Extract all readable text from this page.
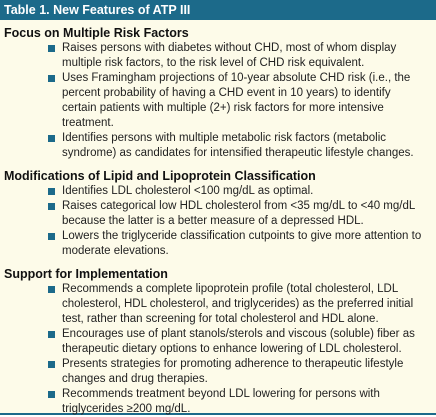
Table 1. New Features of ATP III
Focus on Multiple Risk Factors
Raises persons with diabetes without CHD, most of whom display multiple risk factors, to the risk level of CHD risk equivalent.
Uses Framingham projections of 10-year absolute CHD risk (i.e., the percent probability of having a CHD event in 10 years) to identify certain patients with multiple (2+) risk factors for more intensive treatment.
Identifies persons with multiple metabolic risk factors (metabolic syndrome) as candidates for intensified therapeutic lifestyle changes.
Modifications of Lipid and Lipoprotein Classification
Identifies LDL cholesterol <100 mg/dL as optimal.
Raises categorical low HDL cholesterol from <35 mg/dL to <40 mg/dL because the latter is a better measure of a depressed HDL.
Lowers the triglyceride classification cutpoints to give more attention to moderate elevations.
Support for Implementation
Recommends a complete lipoprotein profile (total cholesterol, LDL cholesterol, HDL cholesterol, and triglycerides) as the preferred initial test, rather than screening for total cholesterol and HDL alone.
Encourages use of plant stanols/sterols and viscous (soluble) fiber as therapeutic dietary options to enhance lowering of LDL cholesterol.
Presents strategies for promoting adherence to therapeutic lifestyle changes and drug therapies.
Recommends treatment beyond LDL lowering for persons with triglycerides ≥200 mg/dL.
